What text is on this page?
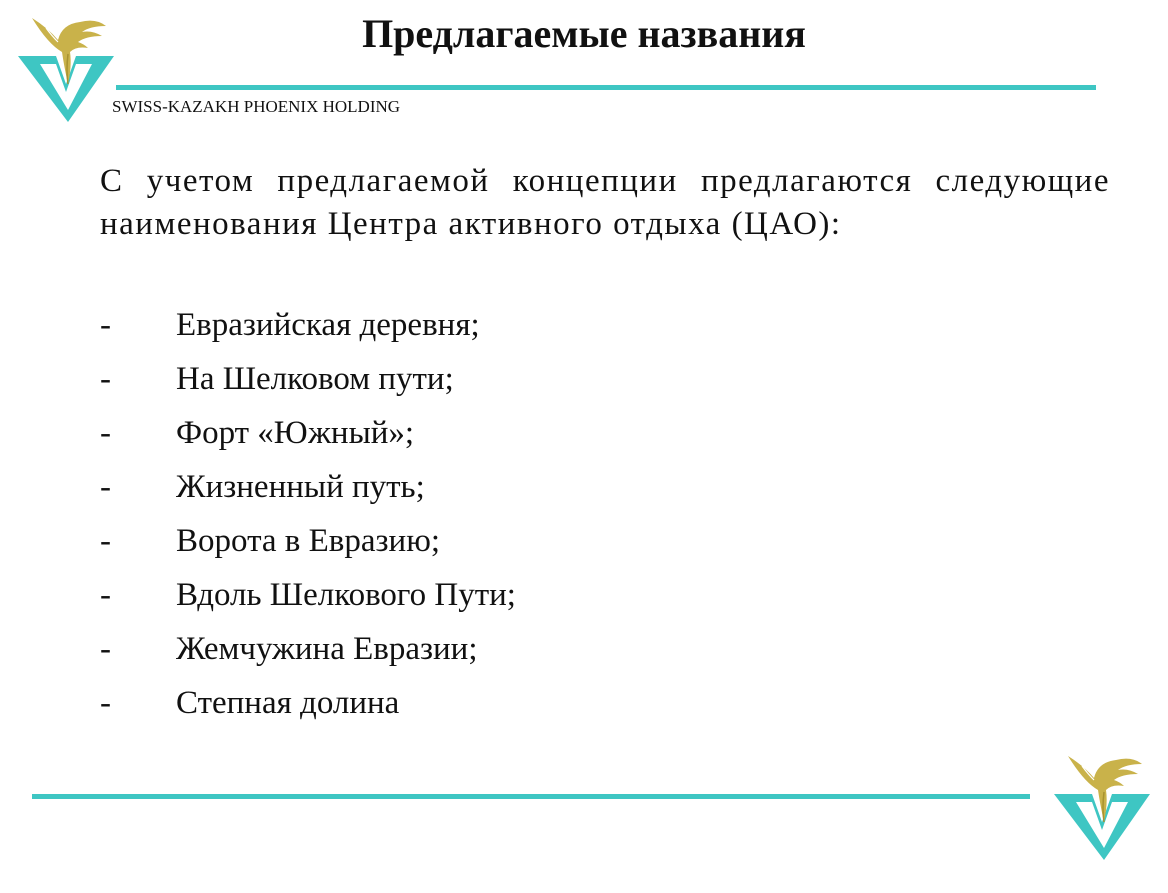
Предлагаемые названия
SWISS-KAZAKH PHOENIX HOLDING
С учетом предлагаемой концепции предлагаются следующие наименования Центра активного отдыха (ЦАО):
- Евразийская деревня;
- На Шелковом пути;
- Форт «Южный»;
- Жизненный путь;
- Ворота в Евразию;
- Вдоль Шелкового Пути;
- Жемчужина Евразии;
- Степная долина
